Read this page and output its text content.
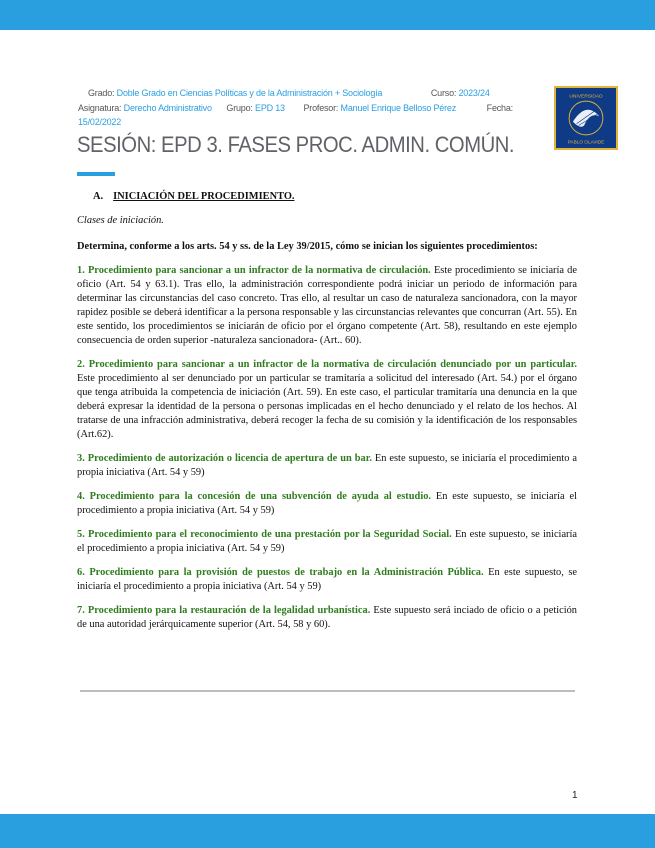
Grado: Doble Grado en Ciencias Políticas y de la Administración + Sociología	Curso: 2023/24
Asignatura: Derecho Administrativo Grupo: EPD 13 Profesor: Manuel Enrique Belloso Pérez	Fecha:
15/02/2022
UNIVERSIDAD
PABLO OLAVIDE
SESIÓN: EPD 3. FASES PROC. ADMIN. COMÚN.

A. INICIACIÓN DEL PROCEDIMIENTO.

Clases de iniciación.

Determina, conforme a los arts. 54 y ss. de la Ley 39/2015, cómo se inician los siguientes procedimientos:

1. Procedimiento para sancionar a un infractor de la normativa de circulación. Este procedimiento se iniciaría de oficio (Art. 54 y 63.1). Tras ello, la administración correspondiente podrá iniciar un periodo de información para determinar las circunstancias del caso concreto. Tras ello, al resultar un caso de naturaleza sancionadora, con la mayor rapidez posible se deberá identificar a la persona responsable y las circunstancias relevantes que concurran (Art. 55). En este sentido, los procedimientos se iniciarán de oficio por el órgano competente (Art. 58), resultando en este ejemplo consecuencia de orden superior -naturaleza sancionadora- (Art.. 60).

2. Procedimiento para sancionar a un infractor de la normativa de circulación denunciado por un particular. Este procedimiento al ser denunciado por un particular se tramitaría a solicitud del interesado (Art. 54.) por el órgano que tenga atribuida la competencia de iniciación (Art. 59). En este caso, el particular tramitaría una denuncia en la que deberá expresar la identidad de la persona o personas implicadas en el hecho denunciado y el relato de los hechos. Al tratarse de una infracción administrativa, deberá recoger la fecha de su comisión y la identificación de los responsables (Art.62).

3. Procedimiento de autorización o licencia de apertura de un bar. En este supuesto, se iniciaría el procedimiento a propia iniciativa (Art. 54 y 59)

4. Procedimiento para la concesión de una subvención de ayuda al estudio. En este supuesto, se iniciaría el procedimiento a propia iniciativa (Art. 54 y 59)

5. Procedimiento para el reconocimiento de una prestación por la Seguridad Social. En este supuesto, se iniciaría el procedimiento a propia iniciativa (Art. 54 y 59)

6. Procedimiento para la provisión de puestos de trabajo en la Administración Pública. En este supuesto, se iniciaría el procedimiento a propia iniciativa (Art. 54 y 59)

7. Procedimiento para la restauración de la legalidad urbanística. Este supuesto será inciado de oficio o a petición de una autoridad jerárquicamente superior (Art. 54, 58 y 60).

1
